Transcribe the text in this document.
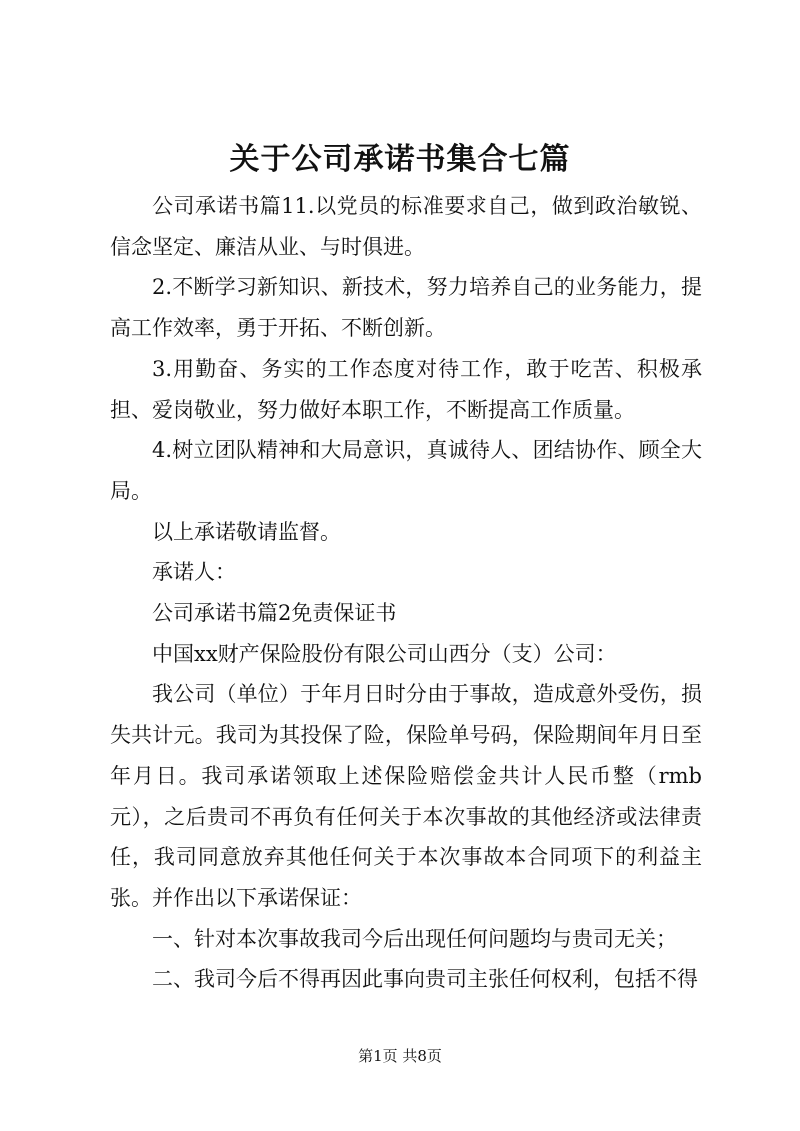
关于公司承诺书集合七篇

公司承诺书篇11.以党员的标准要求自己，做到政治敏锐、信念坚定、廉洁从业、与时俱进。

2.不断学习新知识、新技术，努力培养自己的业务能力，提高工作效率，勇于开拓、不断创新。

3.用勤奋、务实的工作态度对待工作，敢于吃苦、积极承担、爱岗敬业，努力做好本职工作，不断提高工作质量。

4.树立团队精神和大局意识，真诚待人、团结协作、顾全大局。

以上承诺敬请监督。

承诺人：

公司承诺书篇2免责保证书

中国xx财产保险股份有限公司山西分（支）公司：

我公司（单位）于年月日时分由于事故，造成意外受伤，损失共计元。我司为其投保了险，保险单号码，保险期间年月日至年月日。我司承诺领取上述保险赔偿金共计人民币整（rmb元），之后贵司不再负有任何关于本次事故的其他经济或法律责任，我司同意放弃其他任何关于本次事故本合同项下的利益主张。并作出以下承诺保证：

一、针对本次事故我司今后出现任何问题均与贵司无关；

二、我司今后不得再因此事向贵司主张任何权利，包括不得

第1页 共8页
